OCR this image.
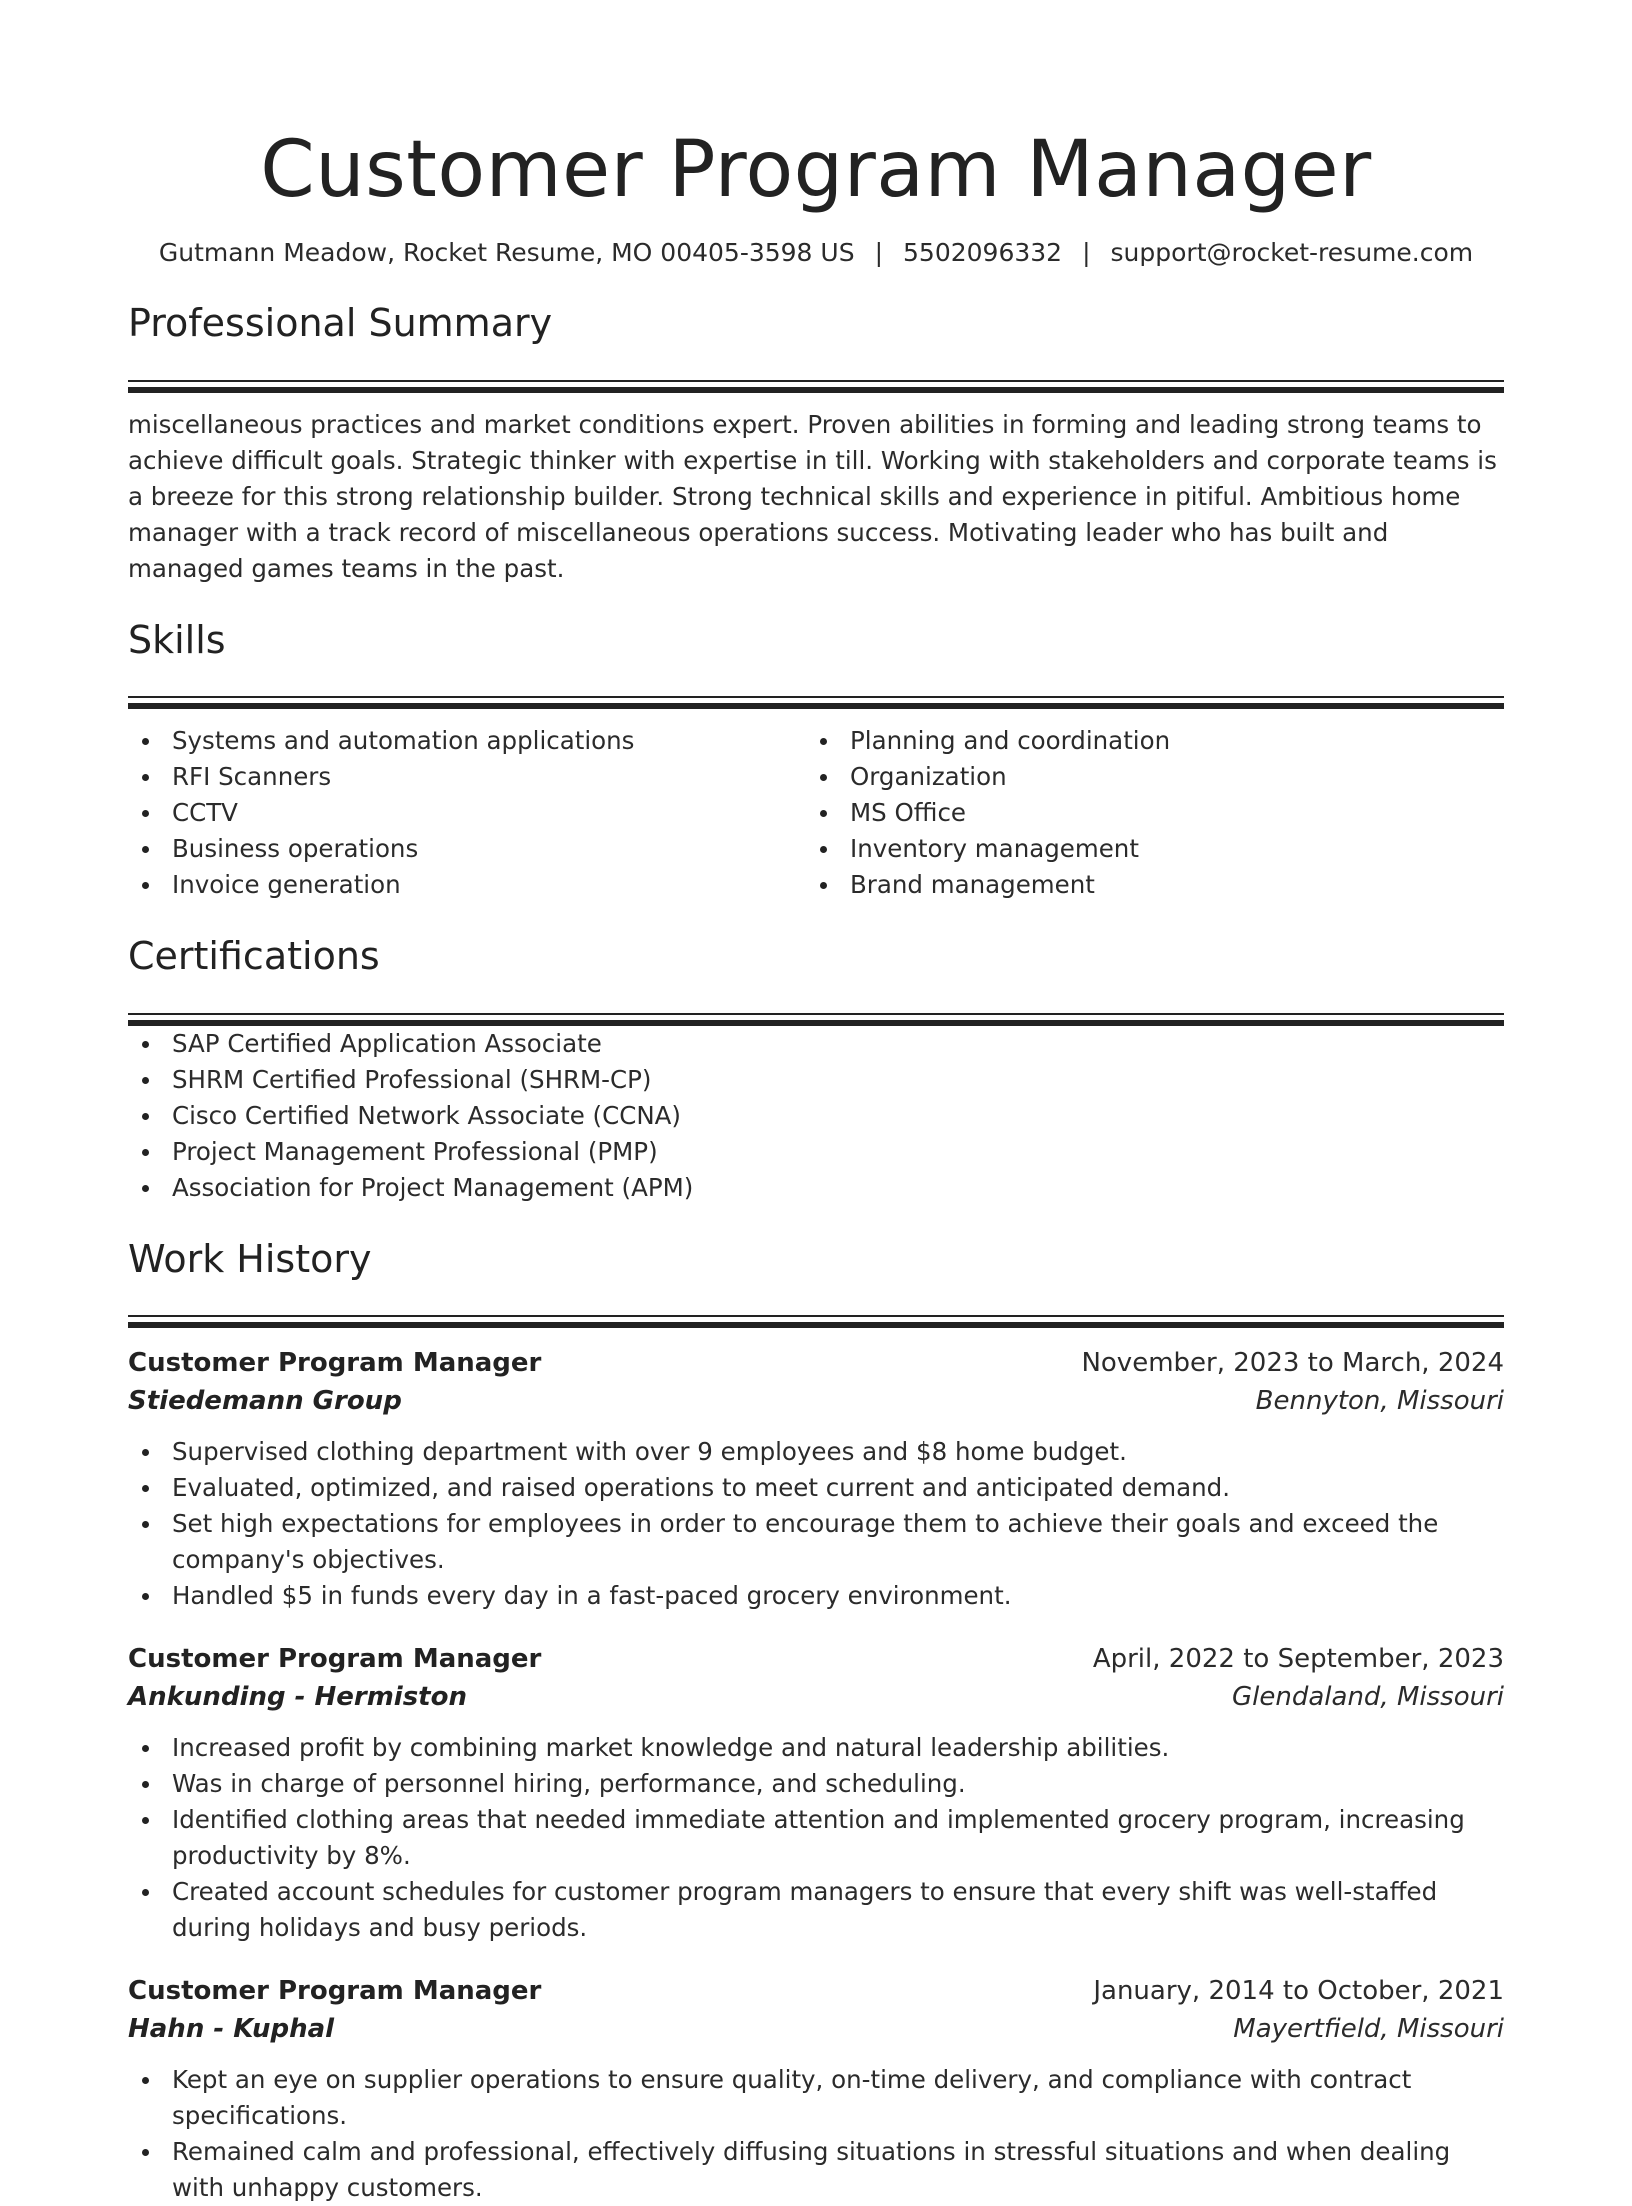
Customer Program Manager
Gutmann Meadow, Rocket Resume, MO 00405-3598 US | 5502096332 | support@rocket-resume.com
Professional Summary

miscellaneous practices and market conditions expert. Proven abilities in forming and leading strong teams to achieve difficult goals. Strategic thinker with expertise in till. Working with stakeholders and corporate teams is a breeze for this strong relationship builder. Strong technical skills and experience in pitiful. Ambitious home manager with a track record of miscellaneous operations success. Motivating leader who has built and managed games teams in the past.

Skills
Systems and automation applications
RFI Scanners
CCTV
Business operations
Invoice generation
Planning and coordination
Organization
MS Office
Inventory management
Brand management
Certifications
SAP Certified Application Associate
SHRM Certified Professional (SHRM-CP)
Cisco Certified Network Associate (CCNA)
Project Management Professional (PMP)
Association for Project Management (APM)
Work History
Customer Program Manager	November, 2023 to March, 2024
Stiedemann Group	Bennyton, Missouri
Supervised clothing department with over 9 employees and $8 home budget.
Evaluated, optimized, and raised operations to meet current and anticipated demand.
Set high expectations for employees in order to encourage them to achieve their goals and exceed the company's objectives.
Handled $5 in funds every day in a fast-paced grocery environment.
Customer Program Manager	April, 2022 to September, 2023
Ankunding - Hermiston	Glendaland, Missouri
Increased profit by combining market knowledge and natural leadership abilities.
Was in charge of personnel hiring, performance, and scheduling.
Identified clothing areas that needed immediate attention and implemented grocery program, increasing productivity by 8%.
Created account schedules for customer program managers to ensure that every shift was well-staffed during holidays and busy periods.
Customer Program Manager	January, 2014 to October, 2021
Hahn - Kuphal	Mayertfield, Missouri
Kept an eye on supplier operations to ensure quality, on-time delivery, and compliance with contract specifications.
Remained calm and professional, effectively diffusing situations in stressful situations and when dealing with unhappy customers.
